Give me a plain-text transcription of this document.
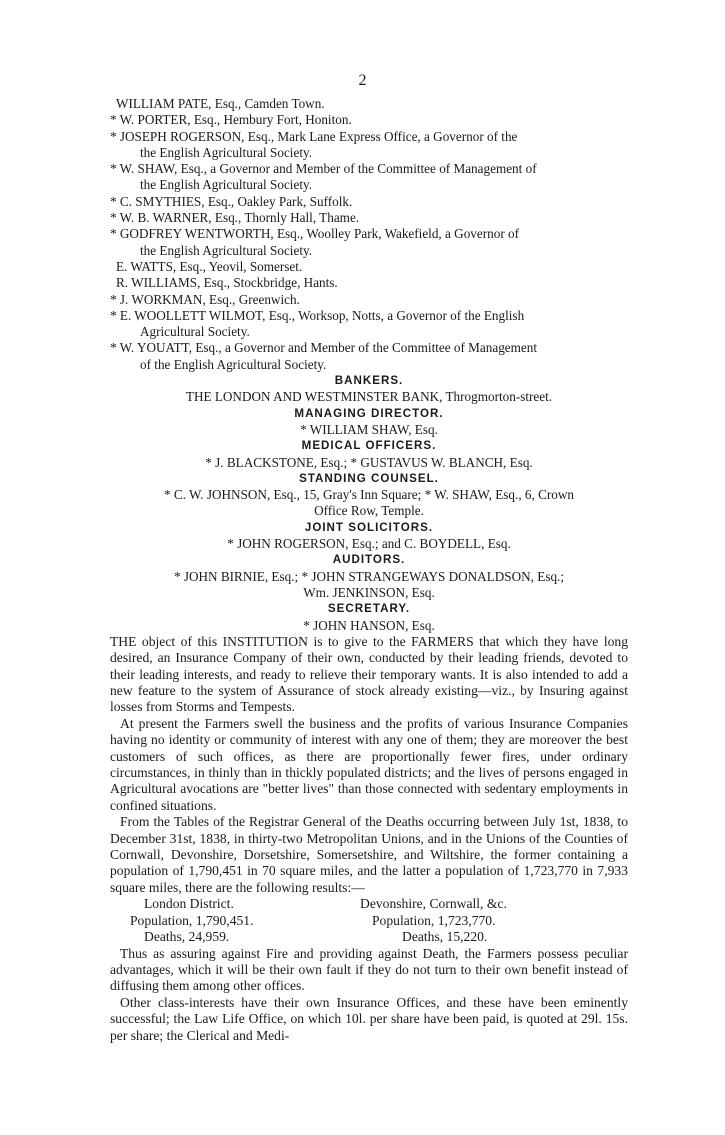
2
WILLIAM PATE, Esq., Camden Town.
* W. PORTER, Esq., Hembury Fort, Honiton.
* JOSEPH ROGERSON, Esq., Mark Lane Express Office, a Governor of the
the English Agricultural Society.
* W. SHAW, Esq., a Governor and Member of the Committee of Management of
the English Agricultural Society.
* C. SMYTHIES, Esq., Oakley Park, Suffolk.
* W. B. WARNER, Esq., Thornly Hall, Thame.
* GODFREY WENTWORTH, Esq., Woolley Park, Wakefield, a Governor of
the English Agricultural Society.
E. WATTS, Esq., Yeovil, Somerset.
R. WILLIAMS, Esq., Stockbridge, Hants.
* J. WORKMAN, Esq., Greenwich.
* E. WOOLLETT WILMOT, Esq., Worksop, Notts, a Governor of the English
Agricultural Society.
* W. YOUATT, Esq., a Governor and Member of the Committee of Management
of the English Agricultural Society.
BANKERS.
THE LONDON AND WESTMINSTER BANK, Throgmorton-street.
MANAGING DIRECTOR.
* WILLIAM SHAW, Esq.
MEDICAL OFFICERS.
* J. BLACKSTONE, Esq.; * GUSTAVUS W. BLANCH, Esq.
STANDING COUNSEL.
* C. W. JOHNSON, Esq., 15, Gray's Inn Square; * W. SHAW, Esq., 6, Crown
Office Row, Temple.
JOINT SOLICITORS.
* JOHN ROGERSON, Esq.; and C. BOYDELL, Esq.
AUDITORS.
* JOHN BIRNIE, Esq.; * JOHN STRANGEWAYS DONALDSON, Esq.;
Wm. JENKINSON, Esq.
SECRETARY.
* JOHN HANSON, Esq.

THE object of this INSTITUTION is to give to the FARMERS that which they have long desired, an Insurance Company of their own, conducted by their leading friends, devoted to their leading interests, and ready to relieve their temporary wants. It is also intended to add a new feature to the system of Assurance of stock already existing—viz., by Insuring against losses from Storms and Tempests.

At present the Farmers swell the business and the profits of various Insurance Companies having no identity or community of interest with any one of them; they are moreover the best customers of such offices, as there are proportionally fewer fires, under ordinary circumstances, in thinly than in thickly populated districts; and the lives of persons engaged in Agricultural avocations are "better lives" than those connected with sedentary employments in confined situations.

From the Tables of the Registrar General of the Deaths occurring between July 1st, 1838, to December 31st, 1838, in thirty-two Metropolitan Unions, and in the Unions of the Counties of Cornwall, Devonshire, Dorsetshire, Somersetshire, and Wiltshire, the former containing a population of 1,790,451 in 70 square miles, and the latter a population of 1,723,770 in 7,933 square miles, there are the following results:—

London District.
Population, 1,790,451.
Deaths, 24,959.
Devonshire, Cornwall, &c.
Population, 1,723,770.
Deaths, 15,220.

Thus as assuring against Fire and providing against Death, the Farmers possess peculiar advantages, which it will be their own fault if they do not turn to their own benefit instead of diffusing them among other offices.

Other class-interests have their own Insurance Offices, and these have been eminently successful; the Law Life Office, on which 10l. per share have been paid, is quoted at 29l. 15s. per share; the Clerical and Medi-
